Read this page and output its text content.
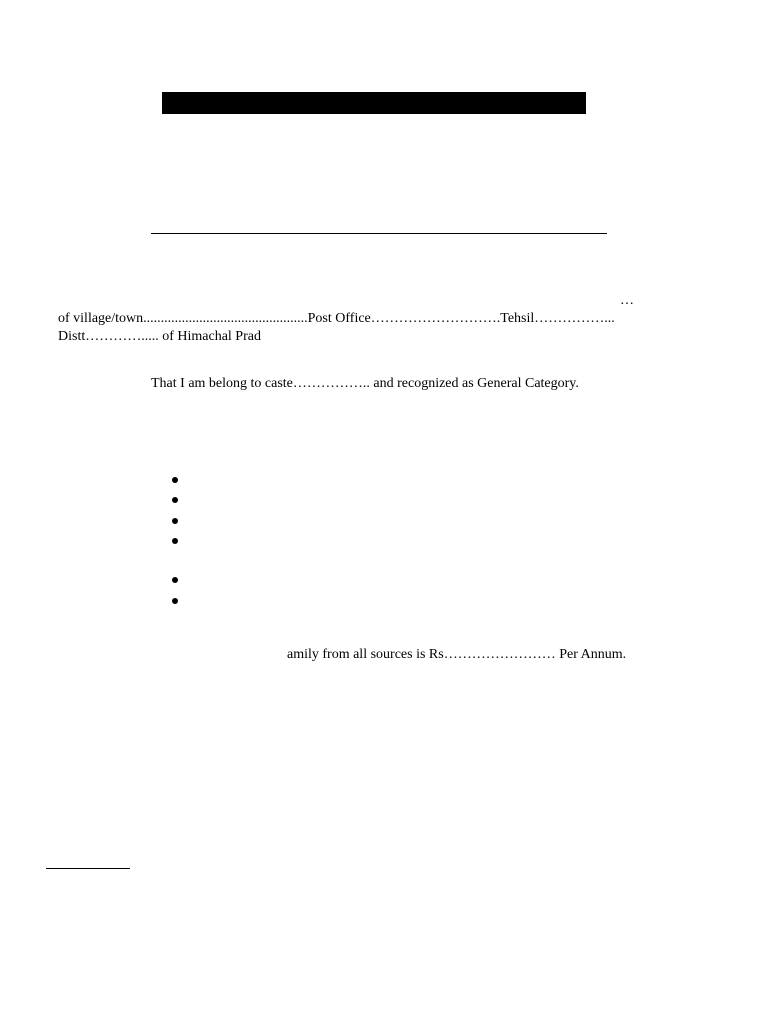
…
of village/town...............................................Post Office……………………….Tehsil……………...
Distt…………..... of Himachal Prad
That I am belong to caste…………….. and recognized as General Category.
amily from all sources is Rs…………………… Per Annum.
